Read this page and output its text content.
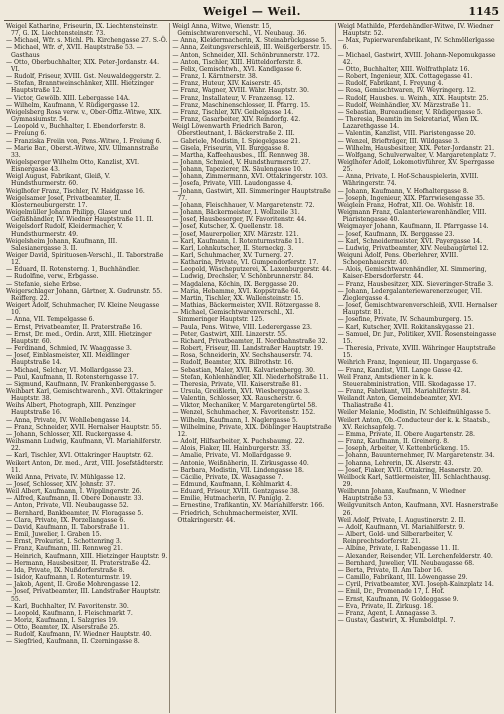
Weigel — Weil.	1145

Weigel Katharine, Friseurin, IX. Liechtensteinstr. 77, G. IX. Liechtensteinstr. 73.

— Michael, Wfr. s. Michl. Ph. Kirchengasse 27. S.-Ö.

— Michael, Wfr. ♂, XVII. Hauptstraße 53. — Gasthaus

— Otto, Oberbuchhalter, XIX. Peter-Jordanstr. 44. VI.

— Rudolf, Friseur, XVIII. Gst. Neuwaldeggerstr. 2.

— Stefan, Branntweinschänker, XIII. Hietzinger Hauptstraße 12.

— Victor, Gewölb. XIII. Lebergasse 14A.

— Wilhelm, Kaufmann, V. Rüdigergasse 12.

Weigelsberg Rosa verw. v., Ober-Offiz.-Witwe, XIX. Gymnasiumstr. 54.

— Leopold v., Buchhalter, I. Ebendorferstr. 8.

— Freiung 6.

— Franziska Freiin von, Pens.-Witwe, I. Freiung 6.

— Marie Bar., Oberst.-Witwe, XIV. Ullmannstraße 33.

Weigelsperger Wilhelm Otto, Kanzlist, XVI. Eisnergasse 43.

Weigl August, Fabrikant, Gleiß, V. Hundsthurmerstr. 60.

Weiglhofer Franz, Tischler, IV. Haidgasse 16.

Weigelsamer Josef, Privatbeamter, II. Klosterneuburgerstr. 17.

Weigelmüller Johann Philipp, Glaser und Gefäßhändler, IV. Wiedner Hauptstraße 11. II.

Weigelsdorf Rudolf, Kleidermacher, V. Hundsthurmerstr. 49.

Weigelsheim Johann, Kaufmann, III. Salesianergasse 3. II.

Weiger David, Spirituosen-Verschl., II. Taborstraße 12.

— Eduard, II. Rotensterng. 1, Buchhändler.

— Rudolfine, verw., Erbgasse.

— Stefanie, siehe Erbse.

Weigerschlager Johann, Gärtner, X. Gudrunstr. 55. Reifferg. 22.

Weigert Adolf, Schuhmacher, IV. Kleine Neugasse 10.

— Anna, VII. Tempelgasse 6.

— Ernst, Privatbeamter, II. Praterstraße 16.

— Ernst, Dr. med., Ordin. Arzt, XIII. Hietzinger Hauptstr. 60.

— Ferdinand, Schmied, IV. Waaggasse 3.

— Josef, Einblasmeister, XII. Meidlinger Hauptstraße 14.

— Michael, Selcher, VI. Mollardgasse 23.

— Paul, Kaufmann, II. Rotensterngasse 17.

— Sigmund, Kaufmann, IV. Frankenberggasse 5.

Weihbart Karl, Gemischtwarenh., XVI. Ottakringer Hauptstr. 38.

Weihs Albert, Photograph, XIII. Penzinger Hauptstraße 16.

— Anna, Private, IV. Wohllebengasse 14.

— Franz, Schneider, XVII. Hernalser Hauptstr. 55.

— Johann, Schlosser, XII. Ruckergasse 4.

Weihsmann Ludwig, Kaufmann, VI. Mariahilferstr. 22.

— Karl, Tischler, XVI. Ottakringer Hauptstr. 62.

Weikert Anton, Dr. med., Arzt, VIII. Josefstädterstr. 11.

Weikl Anna, Private, IV. Mühlgasse 12.

— Josef, Schlosser, XIV. Johnstr. 37.

Weil Albert, Kaufmann, I. Wipplingerstr. 26.

— Alfred, Kaufmann, II. Obere Donaustr. 33.

— Anton, Private, VII. Neubaugasse 52.

— Bernhard, Bankbeamter, IV. Floragasse 5.

— Clara, Private, IX. Porzellangasse 6.

— David, Kaufmann, II. Taborstraße 11.

— Emil, Juwelier, I. Graben 15.

— Ernst, Prokurist, I. Schottenring 3.

— Franz, Kaufmann, III. Rennweg 21.

— Heinrich, Kaufmann, XIII. Hietzinger Hauptstr. 9.

— Hermann, Hausbesitzer, II. Praterstraße 42.

— Ida, Private, IX. Nußdorferstraße 8.

— Isidor, Kaufmann, I. Rotenturmstr. 19.

— Jakob, Agent, II. Große Mohrengasse 12.

— Josef, Privatbeamter, III. Landstraßer Hauptstr. 55.

— Karl, Buchhalter, IV. Favoritenstr. 30.

— Leopold, Kaufmann, I. Fleischmarkt 7.

— Moriz, Kaufmann, I. Salzgries 19.

— Otto, Beamter, IX. Alserstraße 25.

— Rudolf, Kaufmann, IV. Wiedner Hauptstr. 40.

— Siegfried, Kaufmann, II. Czerningasse 8.

Weigl Anna, Witwe, Wienstr. 15, Gemischtwarenverschl., VI. Neubaug. 36.

— Anna, Kleidermacherin, X. Steinabrückgasse 5.

— Anna, Zeitungsverschleiß, III. Weißgerberstr. 15.

— Anton, Schneider, XII. Schönbrunnerstr. 172.

— Anton, Tischler, XIII. Hütteldorferstr. 8.

— Felix, Gemischtwh., XVI. Kandlgasse 6.

— Franz, I. Kärntnerstr. 38.

— Franz, Huteur, XIV. Kaiserstr. 45.

— Franz, Wagner, XVIII. Währ. Hauptstr. 30.

— Franz, Installateur, V. Franzensg. 12.

— Franz, Maschinenschlosser, II. Pfarrg. 15.

— Franz, Tischler, XIV. Geibelgasse 14.

— Franz, Gasarbeiter, XIV. Reindorfg. 42.

Weigl Löwenwarth Friedrich Baron, Oberstleutnant, I. Bäckerstraße 2. III.

— Gabriele, Modistin, I. Spiegelgasse 21.

— Gisela, Friseurin, VII. Burggasse 8.

— Martha, Kaffeehausbes., III. Rennweg 38.

— Johann, Schmied, V. Hundsthurmerstr. 27.

— Johann, Tapezierer, IX. Säulengasse 10.

— Johann, Zimmermann, XVI. Ottakringerstr. 103.

— Josefa, Private, VIII. Laudongasse 4.

— Johann, Gastwirt, XII. Simmeringer Hauptstraße 77.

— Johann, Fleischhauer, V. Margaretenstr. 72.

— Johann, Bäckermeister, I. Wollzeile 31.

— Josef, Hausbesorger, IV. Favoritenstr. 44.

— Josef, Kutscher, X. Quellenstr. 18.

— Josef, Maurerpolier, XIV. Märzstr. 121.

— Karl, Kaufmann, I. Rotenturmstraße 11.

— Karl, Lohnkutscher, II. Sterneckg. 3.

— Karl, Schuhmacher, XV. Turnerg. 27.

— Katharina, Private, VI. Gumpendorferstr. 17.

— Leopold, Wäscheputzerei, X. Laxenburgerstr. 44.

— Ludwig, Drechsler, V. Schönbrunnerstr. 84.

— Magdalena, Köchin, IX. Berggasse 20.

— Maria, Hebamme, XVI. Koppstraße 64.

— Martin, Tischler, XX. Wallensteinstr. 15.

— Mathias, Bäckermeister, XVII. Rötzergasse 8.

— Michael, Gemischtwarenverschl., XI. Simmeringer Hauptstr. 125.

— Paula, Pens. Witwe, VIII. Lederergasse 23.

— Peter, Gastwirt, XIII. Linzerstr. 55.

— Richard, Privatbeamter, II. Nordbahnstraße 32.

— Robert, Friseur, III. Landstraßer Hauptstr. 19.

— Rosa, Schneiderin, XV. Sechshauserstr. 74.

— Rudolf, Beamter, XIX. Billrothstr. 16.

— Sebastian, Maler, XVII. Kalvarienbergg. 30.

— Stefan, Kohlenhändler, XII. Niederhofstraße 11.

— Theresia, Private, VII. Kaiserstraße 81.

— Ursula, Greißlerin, XVI. Wiesberggasse 3.

— Valentin, Schlosser, XX. Rauscherstr. 6.

— Viktor, Mechaniker, V. Margaretengürtel 58.

— Wenzel, Schuhmacher, X. Favoritenstr. 152.

— Wilhelm, Kaufmann, I. Naglergasse 5.

— Wilhelmine, Private, XIX. Döblinger Hauptstraße 12.

— Adolf, Hilfsarbeiter, X. Puchsbaumg. 22.

— Alois, Fiaker, III. Hainburgerstr. 33.

— Amalie, Private, VI. Mollardgasse 9.

— Antonie, Weißnäherin, II. Zirkusgasse 40.

— Barbara, Modistin, VII. Lindengasse 18.

— Cäcilie, Private, IX. Wasagasse 7.

— Edmund, Kaufmann, I. Kohlmarkt 4.

— Eduard, Friseur, XVIII. Gentzgasse 38.

— Emilie, Hutmacherin, IV. Paniglg. 2.

— Ernestine, Trafikantin, XV. Mariahilferstr. 166.

— Friedrich, Schuhmachermeister, XVII. Ottakringerstr. 44.

Weigl Mathilde, Pferdehändler-Witwe, IV. Wiedner Hauptstr. 52.

— Max, Papierwarenfabrikant, IV. Schmöllerlgasse 6.

— Michael, Gastwirt, XVIII. Johann-Nepomukgasse 42.

— Otto, Buchhalter, XIII. Wolfrathplatz 16.

— Robert, Ingenieur, XIX. Cottagegasse 41.

— Rudolf, Fabrikant, I. Freyung 4.

— Rosa, Gemischtwaren, IV. Weyringerg. 12.

— Rudolf, Hausbes. u. Weinh., XIX. Hauptstr. 25.

— Rudolf, Weinhändler, XV. Märzstraße 11.

— Sebastian, Bureaudiener, V. Rüdigergasse 5.

— Theresia, Beamtin im Sekretariat, Wien IX. Lazarethgasse 14.

— Valentin, Kanzlist, VIII. Piaristengasse 20.

— Wenzel, Briefträger, III. Wildgasse 3.

— Wilhelm, Hausbesitzer, XIX. Peter-Jordanstr. 21.

— Wolfgang, Schulverwalter, V. Margaretenplatz 7.

Weiglhofer Adolf, Lokomotivführer, XV. Sperrgasse 25.

— Anna, Private, I. Hof-Schauspielerin, XVIII. Währingerstr. 74.

— Johann, Kaufmann, V. Hofhaltergasse 8.

— Joseph, Ingenieur, XIX. Pfarrwiesengasse 35.

Weiglein Franz, Hofrat, XII. Oe. Wohlstr. 18.

Weigmann Franz, Galanteriewarenhändler, VIII. Piaristengasse 40.

Weigmayer Johann, Kaufmann, II. Pfarrgasse 14.

— Josef, Kaufmann, IX. Berggasse 23.

— Karl, Schneidermeister, XVI. Payergasse 14.

— Ludwig, Privatbeamter, XIV. Neubaugürtel 12.

Weiguni Adolf, Pens. Oberlehrer, XVIII. Schopenhauerstr. 40.

— Alois, Gemischtwarenhändler, XI. Simmering, Kaiser-Ebersdorferstr. 44.

— Franz, Hausbesitzer, XIX. Sieveringer-Straße 3.

— Johann, Ledergalanteriewarenerzeuger, VII. Zieglergasse 4.

— Josef, Gemischtwarenverschleiß, XVII. Hernalser Hauptstr. 81.

— Josefine, Private, IV. Schaumburgerg. 15.

— Karl, Kutscher, XVII. Rokitanskygasse 21.

— Samuel, Dr. Jur., Politiker, XVII. Rosensteingasse 15.

— Theresia, Private, XVIII. Währinger Hauptstraße 15.

Weihrich Franz, Ingenieur, III. Ungargasse 6.

— Franz, Kanzlist, VIII. Lange Gasse 42.

Weil Franz, Amtsdiener in k. k. Steuerabministration, VIII. Skodagasse 17.

— Franz, Fabrikant, VII. Mariahilferstr. 84.

Weilandt Anton, Gemeindebeamter, XVI. Thaliastraße 41.

Weiler Melanie, Modistin, IV. Schleifmühlgasse 5.

Weilert Anton, Ob.-Conducteur der k. k. Staatsb., XV. Reichsapfelg. 7.

— Emma, Private, II. Obere Augartenstr. 28.

— Franz, Kaufmann, II. Greinerg. 8.

— Joseph, Arbeiter, V. Kettenbrückeng. 15.

— Johann, Bauunternehmer, IV. Margaretenstr. 34.

— Johanna, Lehrerin, IX. Alserstr. 43.

— Josef, Fiaker, XVII. Ottakring, Hasnerstr. 20.

Weilbock Karl, Sattlermeister, III. Schlachthausg. 29.

Weilbrunn Johann, Kaufmann, V. Wiedner Hauptstraße 53.

Weilgvunitsch Anton, Kaufmann, XVI. Hasnerstraße 26.

Weil Adolf, Private, I. Augustinerstr. 2. II.

— Adolf, Kaufmann, VI. Mariahilferstr. 9.

— Albert, Gold- und Silberarbeiter, V. Reinprechtsdorferstr. 21.

— Albine, Private, I. Rabengasse 11. II.

— Alexander, Reisender, VII. Lerchenfelderstr. 40.

— Bernhard, Juwelier, VII. Neubaugasse 68.

— Berta, Private, II. Am Tabor 16.

— Camillo, Fabrikant, III. Löwengasse 29.

— Cyril, Privatbeamter, XVI. Joseph-Kainzplatz 14.

— Emil, Dr., Promenade 17, I. Hof.

— Ernst, Kaufmann, IV. Goldeggasse 9.

— Eva, Private, II. Zirkusg. 18.

— Franz, Agent, I. Annagasse 3.

— Gustav, Gastwirt, X. Humboldtpl. 7.
